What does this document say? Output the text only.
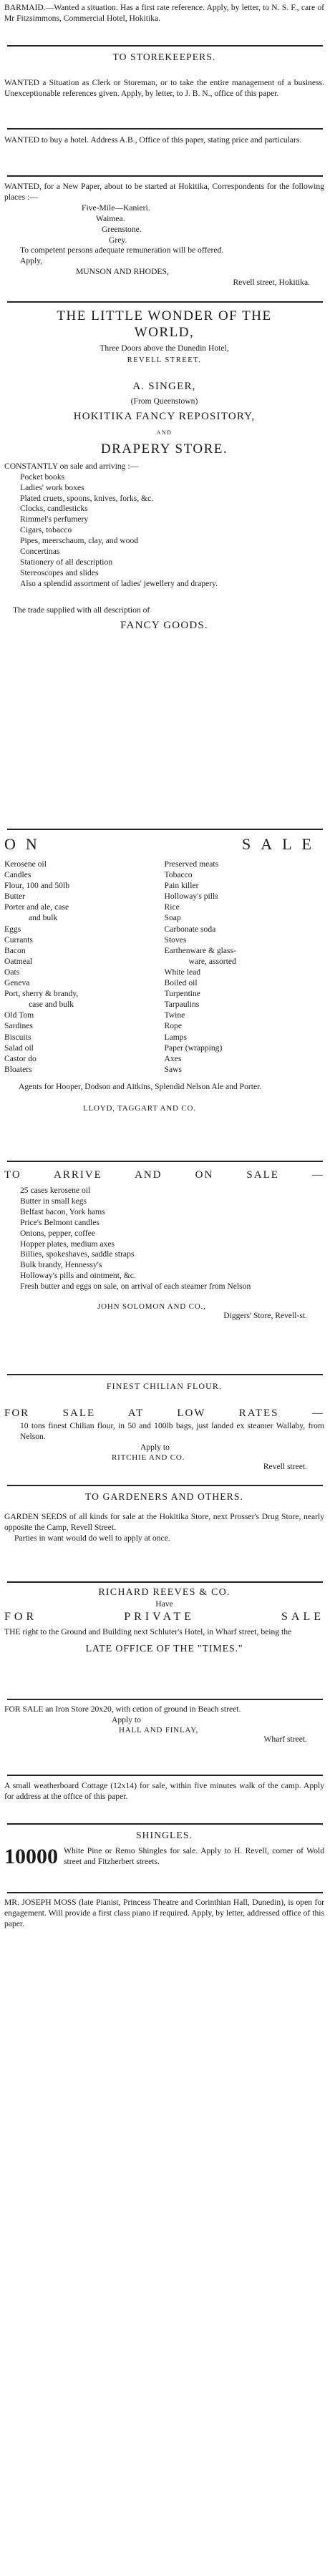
BARMAID.—Wanted a situation. Has a first rate reference. Apply, by letter, to N. S. F., care of Mr Fitzsimmons, Commercial Hotel, Hokitika.

TO STOREKEEPERS.

WANTED a Situation as Clerk or Storeman, or to take the entire management of a business. Unexceptionable references given. Apply, by letter, to J. B. N., office of this paper.

WANTED to buy a hotel. Address A.B., Office of this paper, stating price and particulars.

WANTED, for a New Paper, about to be started at Hokitika, Correspondents for the following places :—

Five-Mile—Kanieri.

Waimea.

Greenstone.

Grey.

To competent persons adequate remuneration will be offered.

Apply,

MUNSON AND RHODES,

Revell street, Hokitika.

THE LITTLE WONDER OF THE

WORLD,

Three Doors above the Dunedin Hotel,

REVELL STREET.

A. SINGER,

(From Queenstown)

HOKITIKA FANCY REPOSITORY,

AND

DRAPERY STORE.

CONSTANTLY on sale and arriving :—

Pocket books

Ladies' work boxes

Plated cruets, spoons, knives, forks, &c.

Clocks, candlesticks

Rimmel's perfumery

Cigars, tobacco

Pipes, meerschaum, clay, and wood

Concertinas

Stationery of all description

Stereoscopes and slides

Also a splendid assortment of ladies' jewellery and drapery.

The trade supplied with all description of

FANCY GOODS.

ON SALE

Kerosene oil

Candles

Flour, 100 and 50lb

Butter

Porter and ale, case

and bulk

Eggs

Currants

Bacon

Oatmeal

Oats

Geneva

Port, sherry & brandy,

case and bulk

Old Tom

Sardines

Biscuits

Salad oil

Castor do

Bloaters

Preserved meats

Tobacco

Pain killer

Holloway's pills

Rice

Soap

Carbonate soda

Stoves

Earthenware & glass-

ware, assorted

White lead

Boiled oil

Turpentine

Tarpaulins

Twine

Rope

Lamps

Paper (wrapping)

Axes

Saws

Agents for Hooper, Dodson and Aitkins, Splendid Nelson Ale and Porter.

LLOYD, TAGGART AND CO.

TO ARRIVE AND ON SALE —

25 cases kerosene oil

Butter in small kegs

Belfast bacon, York hams

Price's Belmont candles

Onions, pepper, coffee

Hopper plates, medium axes

Billies, spokeshaves, saddle straps

Bulk brandy, Hennessy's

Holloway's pills and ointment, &c.

Fresh butter and eggs on sale, on arrival of each steamer from Nelson

JOHN SOLOMON AND CO.,

Diggers' Store, Revell-st.

FINEST CHILIAN FLOUR.

FOR SALE AT LOW RATES —

10 tons finest Chilian flour, in 50 and 100lb bags, just landed ex steamer Wallaby, from Nelson.

Apply to

RITCHIE AND CO.

Revell street.

TO GARDENERS AND OTHERS.

GARDEN SEEDS of all kinds for sale at the Hokitika Store, next Prosser's Drug Store, nearly opposite the Camp, Revell Street.

Parties in want would do well to apply at once.

RICHARD REEVES & CO.

Have

FOR PRIVATE SALE

THE right to the Ground and Building next Schluter's Hotel, in Wharf street, being the

LATE OFFICE OF THE "TIMES."

FOR SALE an Iron Store 20x20, with cetion of ground in Beach street.

Apply to

HALL AND FINLAY,

Wharf street.

A small weatherboard Cottage (12x14) for sale, within five minutes walk of the camp. Apply for address at the office of this paper.

SHINGLES.

10000 White Pine or Remo Shingles for sale. Apply to H. Revell, corner of Wold street and Fitzherbert streets.

MR. JOSEPH MOSS (late Pianist, Princess Theatre and Corinthian Hall, Dunedin), is open for engagement. Will provide a first class piano if required. Apply, by letter, addressed office of this paper.
